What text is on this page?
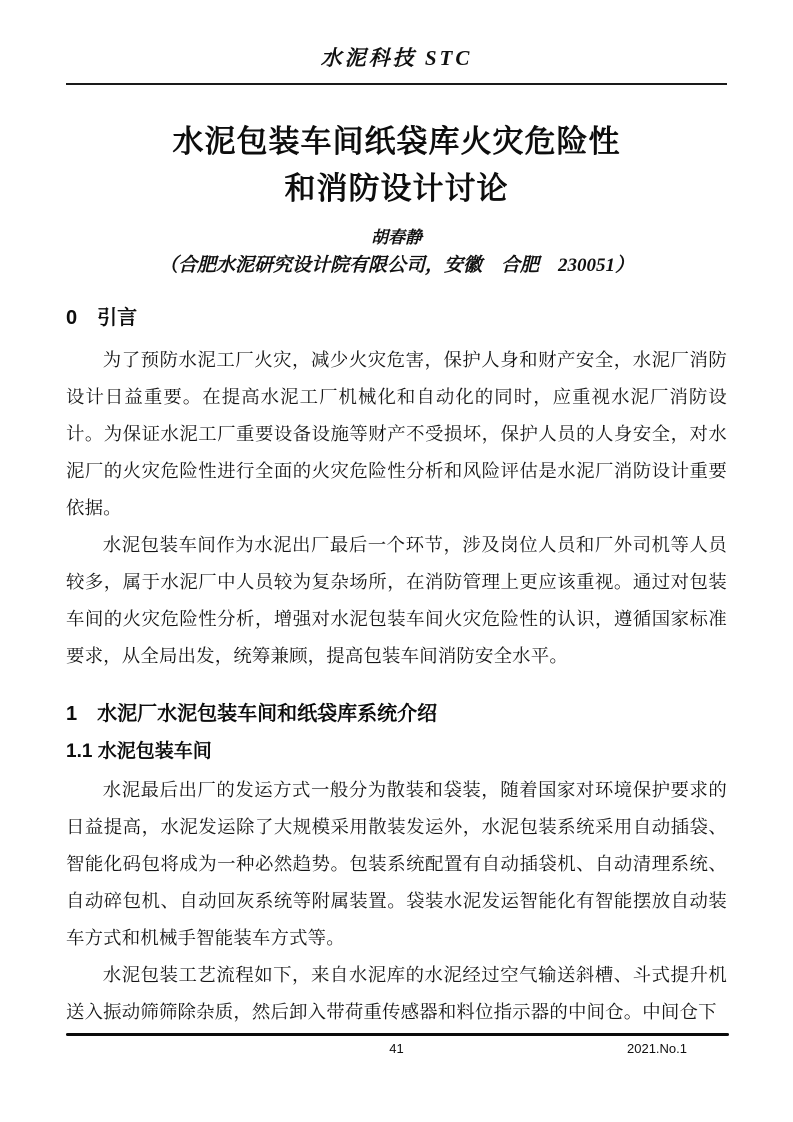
水泥科技 STC
水泥包装车间纸袋库火灾危险性
和消防设计讨论
胡春静
（合肥水泥研究设计院有限公司，安徽　合肥　230051）
0　引言

为了预防水泥工厂火灾，减少火灾危害，保护人身和财产安全，水泥厂消防设计日益重要。在提高水泥工厂机械化和自动化的同时，应重视水泥厂消防设计。为保证水泥工厂重要设备设施等财产不受损坏，保护人员的人身安全，对水泥厂的火灾危险性进行全面的火灾危险性分析和风险评估是水泥厂消防设计重要依据。

水泥包装车间作为水泥出厂最后一个环节，涉及岗位人员和厂外司机等人员较多，属于水泥厂中人员较为复杂场所，在消防管理上更应该重视。通过对包装车间的火灾危险性分析，增强对水泥包装车间火灾危险性的认识，遵循国家标准要求，从全局出发，统筹兼顾，提高包装车间消防安全水平。

1　水泥厂水泥包装车间和纸袋库系统介绍
1.1 水泥包装车间

水泥最后出厂的发运方式一般分为散装和袋装，随着国家对环境保护要求的日益提高，水泥发运除了大规模采用散装发运外，水泥包装系统采用自动插袋、智能化码包将成为一种必然趋势。包装系统配置有自动插袋机、自动清理系统、自动碎包机、自动回灰系统等附属装置。袋装水泥发运智能化有智能摆放自动装车方式和机械手智能装车方式等。

水泥包装工艺流程如下，来自水泥库的水泥经过空气输送斜槽、斗式提升机送入振动筛筛除杂质，然后卸入带荷重传感器和料位指示器的中间仓。中间仓下

41	2021.No.1
